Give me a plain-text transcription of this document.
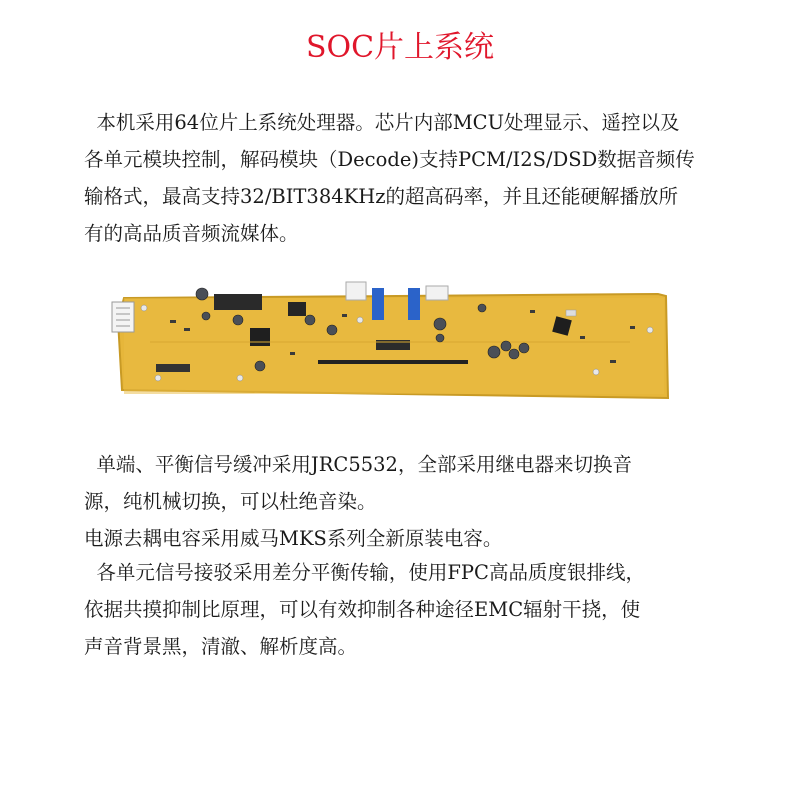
SOC片上系统
本机采用64位片上系统处理器。芯片内部MCU处理显示、遥控以及
各单元模块控制，解码模块（Decode)支持PCM/I2S/DSD数据音频传
输格式，最高支持32/BIT384KHz的超高码率，并且还能硬解播放所
有的高品质音频流媒体。
单端、平衡信号缓冲采用JRC5532，全部采用继电器来切换音
源，纯机械切换，可以杜绝音染。
电源去耦电容采用威马MKS系列全新原装电容。
各单元信号接驳采用差分平衡传输，使用FPC高品质度银排线，
依据共摸抑制比原理，可以有效抑制各种途径EMC辐射干挠，使
声音背景黑，清澈、解析度高。
